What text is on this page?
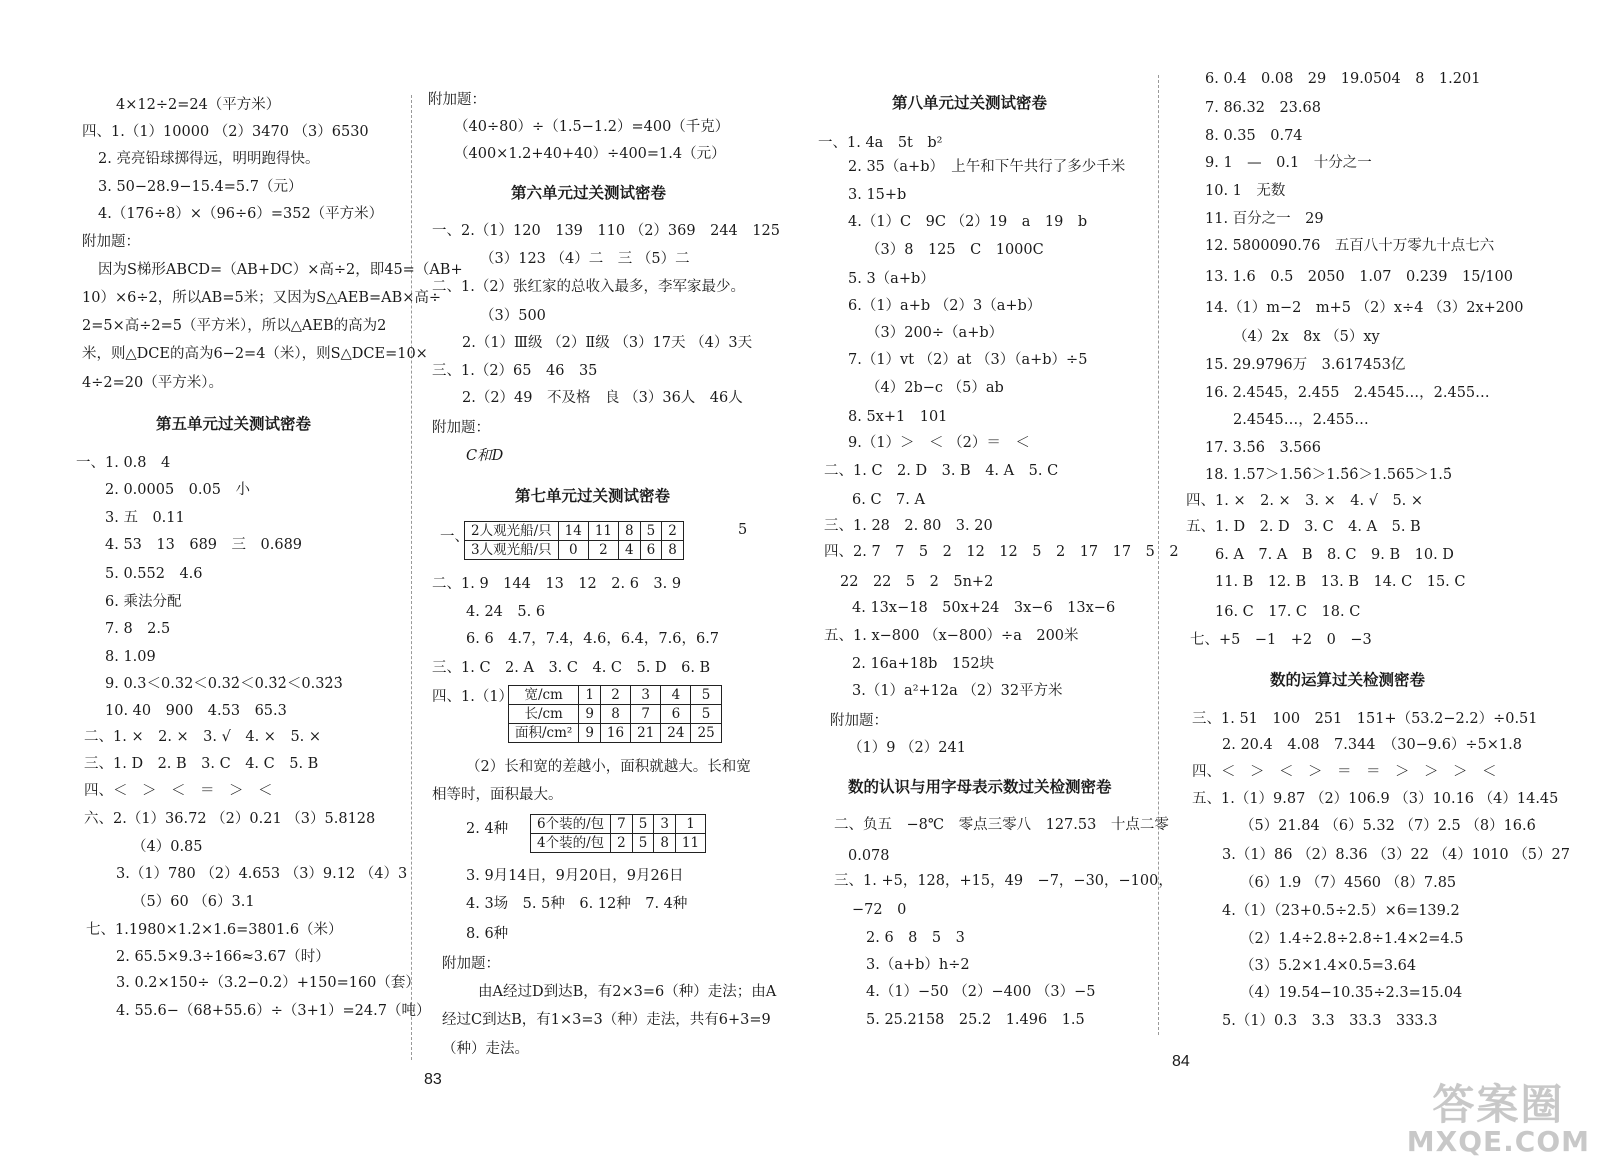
4×12÷2=24（平方米）
四、1.（1）10000 （2）3470 （3）6530
2. 亮亮铅球掷得远，明明跑得快。
3. 50−28.9−15.4=5.7（元）
4.（176÷8）×（96÷6）=352（平方米）
附加题：
因为S梯形ABCD=（AB+DC）×高÷2，即45=（AB+
10）×6÷2，所以AB=5米；又因为S△AEB=AB×高÷
2=5×高÷2=5（平方米），所以△AEB的高为2
米，则△DCE的高为6−2=4（米），则S△DCE=10×
4÷2=20（平方米）。
第五单元过关测试密卷
一、1. 0.8　4
2. 0.0005　0.05　小
3. 五　0.11
4. 53　13　689　三　0.689
5. 0.552　4.6
6. 乘法分配
7. 8　2.5
8. 1.09
9. 0.3＜0.32＜0.32̇＜0.3̇2̇＜0.32̇3̇
10. 40　900　4.53　65.3
二、1. ×　2. ×　3. √　4. ×　5. ×
三、1. D　2. B　3. C　4. C　5. B
四、＜　＞　＜　＝　＞　＜
六、2.（1）36.72 （2）0.21 （3）5.8128
（4）0.85
3.（1）780 （2）4.653 （3）9.12 （4）3
（5）60 （6）3.1
七、1.1980×1.2×1.6=3801.6（米）
2. 65.5×9.3÷166≈3.67（时）
3. 0.2×150÷（3.2−0.2）+150=160（套）
4. 55.6−（68+55.6）÷（3+1）=24.7（吨）
附加题：
（40÷80）÷（1.5−1.2）=400（千克）
（400×1.2+40+40）÷400=1.4（元）
第六单元过关测试密卷
一、2.（1）120　139　110 （2）369　244　125
（3）123 （4）二　三 （5）二
二、1.（2）张红家的总收入最多，李军家最少。
（3）500
2.（1）Ⅲ级 （2）Ⅱ级 （3）17天 （4）3天
三、1.（2）65　46　35
2.（2）49　不及格　良 （3）36人　46人
附加题：
C和D
第七单元过关测试密卷
一、 2人观光船/只	14	11	8	5	2
3人观光船/只	0	2	4	6	8
5
二、1. 9　144　13　12　2. 6　3. 9
4. 24　5. 6
6. 6　4.7，7.4，4.6，6.4，7.6，6.7
三、1. C　2. A　3. C　4. C　5. D　6. B
四、1.（1） 宽/cm	1	2	3	4	5
长/cm	9	8	7	6	5
面积/cm²	9	16	21	24	25
（2）长和宽的差越小，面积就越大。长和宽
相等时，面积最大。
2. 4种 6个装的/包	7	5	3	1
4个装的/包	2	5	8	11
3. 9月14日，9月20日，9月26日
4. 3场　5. 5种　6. 12种　7. 4种
8. 6种
附加题：
由A经过D到达B，有2×3=6（种）走法；由A
经过C到达B，有1×3=3（种）走法，共有6+3=9
（种）走法。
83
第八单元过关测试密卷
一、1. 4a　5t　b²
2. 35（a+b）　上午和下午共行了多少千米
3. 15+b
4.（1）C　9C （2）19　a　19　b
（3）8　125　C　1000C
5. 3（a+b）
6.（1）a+b （2）3（a+b）
（3）200÷（a+b）
7.（1）vt （2）at （3）（a+b）÷5
（4）2b−c （5）ab
8. 5x+1　101
9.（1）＞　＜ （2）＝　＜
二、1. C　2. D　3. B　4. A　5. C
6. C　7. A
三、1. 28　2. 80　3. 20
四、2. 7　7　5　2　12　12　5　2　17　17　5　2
22　22　5　2　5n+2
4. 13x−18　50x+24　3x−6　13x−6
五、1. x−800 （x−800）÷a　200米
2. 16a+18b　152块
3.（1）a²+12a （2）32平方米
附加题：
（1）9 （2）241
数的认识与用字母表示数过关检测密卷
二、负五　−8℃　零点三零八　127.53　十点二零
0.078
三、1. +5，128，+15，49　−7，−30，−100，
−72　0
2. 6　8　5　3
3.（a+b）h÷2
4.（1）−50 （2）−400 （3）−5
5. 25.2158　25.2　1.496　1.5
6. 0.4　0.08　29　19.0504　8　1.201
7. 86.32　23.68
8. 0.35　0.74
9. 1　—　0.1　十分之一
10. 1　无数
11. 百分之一　29
12. 5800090.76　五百八十万零九十点七六
13. 1.6　0.5　2050　1.07　0.239　15/100
14.（1）m−2　m+5 （2）x÷4 （3）2x+200
（4）2x　8x （5）xy
15. 29.9796万　3.617453亿
16. 2.4545，2.455　2.4545…，2.455…
2.4545…，2.455…
17. 3.5̇6̇　3.566
18. 1.57＞1.56̇＞1.5̇6̇＞1.565＞1.5̇
四、1. ×　2. ×　3. ×　4. √　5. ×
五、1. D　2. D　3. C　4. A　5. B
6. A　7. A　B　8. C　9. B　10. D
11. B　12. B　13. B　14. C　15. C
16. C　17. C　18. C
七、+5　−1　+2　0　−3
数的运算过关检测密卷
三、1. 51　100　251　151+（53.2−2.2）÷0.51
2. 20.4　4.08　7.344　（30−9.6）÷5×1.8
四、＜　＞　＜　＞　＝　＝　＞　＞　＞　＜
五、1.（1）9.87 （2）106.9 （3）10.16 （4）14.45
（5）21.84 （6）5.32 （7）2.5 （8）16.6̇
3.（1）86 （2）8.36 （3）22 （4）1010 （5）27
（6）1.9 （7）4560 （8）7.85
4.（1）（23+0.5÷2.5）×6=139.2
（2）1.4÷2.8÷2.8÷1.4×2=4.5
（3）5.2×1.4×0.5=3.64
（4）19.54−10.35÷2.3=15.04
5.（1）0.3　3.3　33.3　333.3
84
答案圈
MXQE.COM
